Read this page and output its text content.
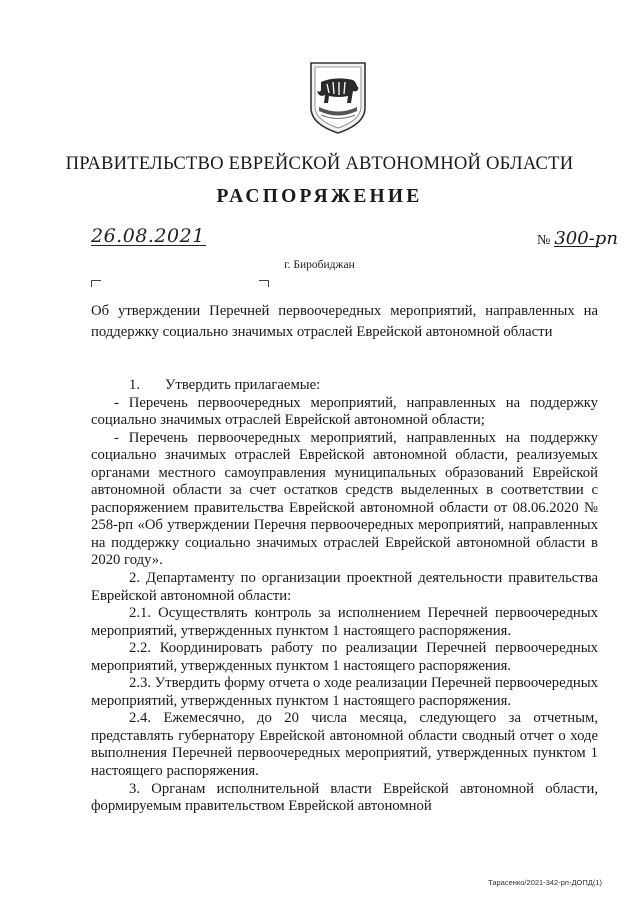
ПРАВИТЕЛЬСТВО ЕВРЕЙСКОЙ АВТОНОМНОЙ ОБЛАСТИ
РАСПОРЯЖЕНИЕ
26.08.2021	№ 300-рп
г. Биробиджан

Об утверждении Перечней первоочередных мероприятий, направленных на поддержку социально значимых отраслей Еврейской автономной области

1. Утвердить прилагаемые:

- Перечень первоочередных мероприятий, направленных на поддержку социально значимых отраслей Еврейской автономной области;

- Перечень первоочередных мероприятий, направленных на поддержку социально значимых отраслей Еврейской автономной области, реализуемых органами местного самоуправления муниципальных образований Еврейской автономной области за счет остатков средств выделенных в соответствии с распоряжением правительства Еврейской автономной области от 08.06.2020 № 258-рп «Об утверждении Перечня первоочередных мероприятий, направленных на поддержку социально значимых отраслей Еврейской автономной области в 2020 году».

2. Департаменту по организации проектной деятельности правительства Еврейской автономной области:

2.1. Осуществлять контроль за исполнением Перечней первоочередных мероприятий, утвержденных пунктом 1 настоящего распоряжения.

2.2. Координировать работу по реализации Перечней первоочередных мероприятий, утвержденных пунктом 1 настоящего распоряжения.

2.3. Утвердить форму отчета о ходе реализации Перечней первоочередных мероприятий, утвержденных пунктом 1 настоящего распоряжения.

2.4. Ежемесячно, до 20 числа месяца, следующего за отчетным, представлять губернатору Еврейской автономной области сводный отчет о ходе выполнения Перечней первоочередных мероприятий, утвержденных пунктом 1 настоящего распоряжения.

3. Органам исполнительной власти Еврейской автономной области, формируемым правительством Еврейской автономной

Тарасенко/2021-342-рп-ДОПД(1)
